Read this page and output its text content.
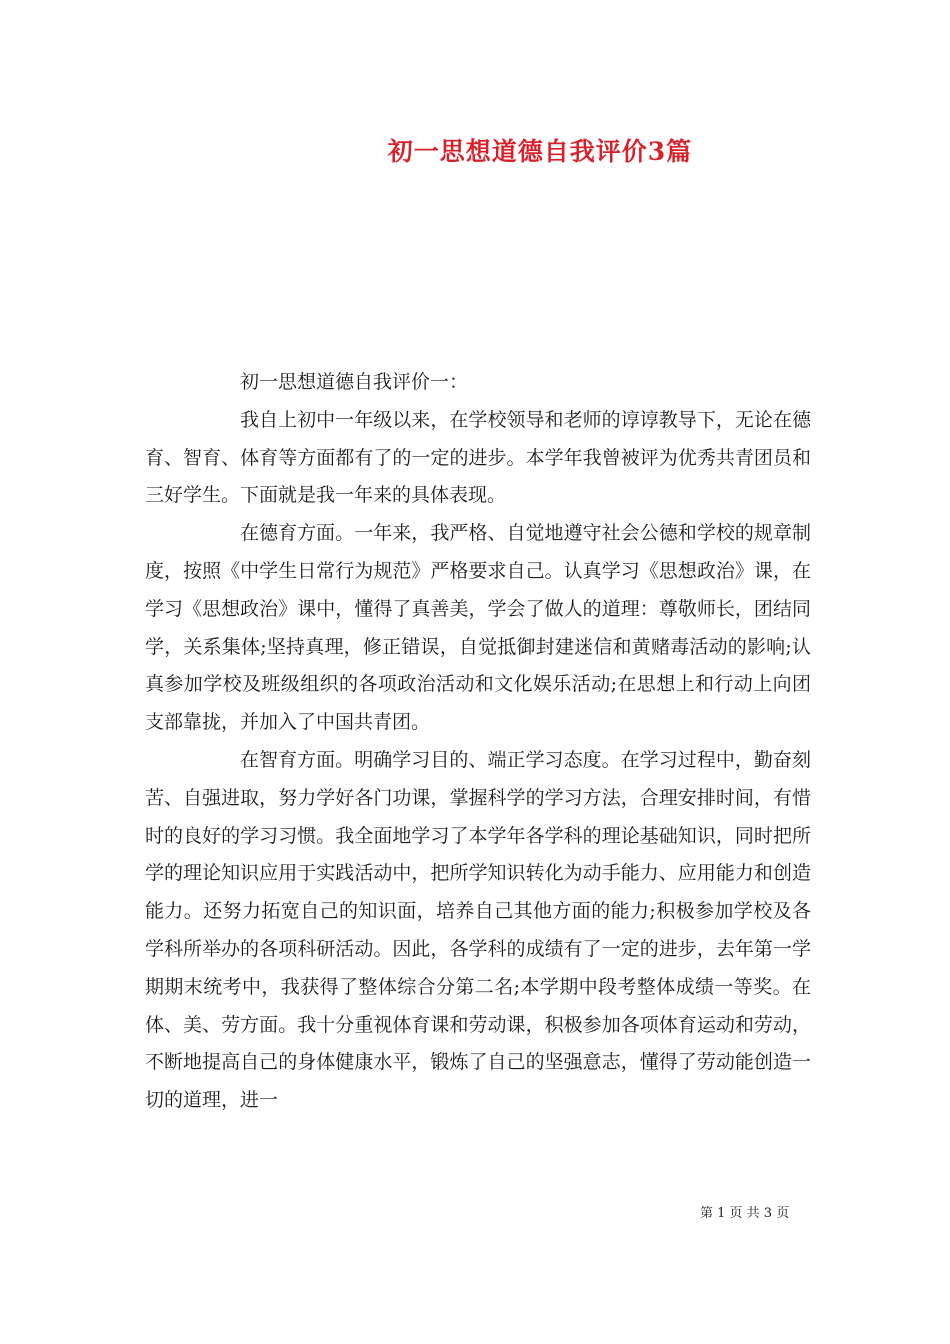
初一思想道德自我评价3篇

初一思想道德自我评价一：

我自上初中一年级以来，在学校领导和老师的谆谆教导下，无论在德育、智育、体育等方面都有了的一定的进步。本学年我曾被评为优秀共青团员和三好学生。下面就是我一年来的具体表现。

在德育方面。一年来，我严格、自觉地遵守社会公德和学校的规章制度，按照《中学生日常行为规范》严格要求自己。认真学习《思想政治》课，在学习《思想政治》课中，懂得了真善美，学会了做人的道理：尊敬师长，团结同学，关系集体;坚持真理，修正错误，自觉抵御封建迷信和黄赌毒活动的影响;认真参加学校及班级组织的各项政治活动和文化娱乐活动;在思想上和行动上向团支部靠拢，并加入了中国共青团。

在智育方面。明确学习目的、端正学习态度。在学习过程中，勤奋刻苦、自强进取，努力学好各门功课，掌握科学的学习方法，合理安排时间，有惜时的良好的学习习惯。我全面地学习了本学年各学科的理论基础知识，同时把所学的理论知识应用于实践活动中，把所学知识转化为动手能力、应用能力和创造能力。还努力拓宽自己的知识面，培养自己其他方面的能力;积极参加学校及各学科所举办的各项科研活动。因此，各学科的成绩有了一定的进步，去年第一学期期末统考中，我获得了整体综合分第二名;本学期中段考整体成绩一等奖。在体、美、劳方面。我十分重视体育课和劳动课，积极参加各项体育运动和劳动，不断地提高自己的身体健康水平，锻炼了自己的坚强意志，懂得了劳动能创造一切的道理，进一

第 1 页 共 3 页
